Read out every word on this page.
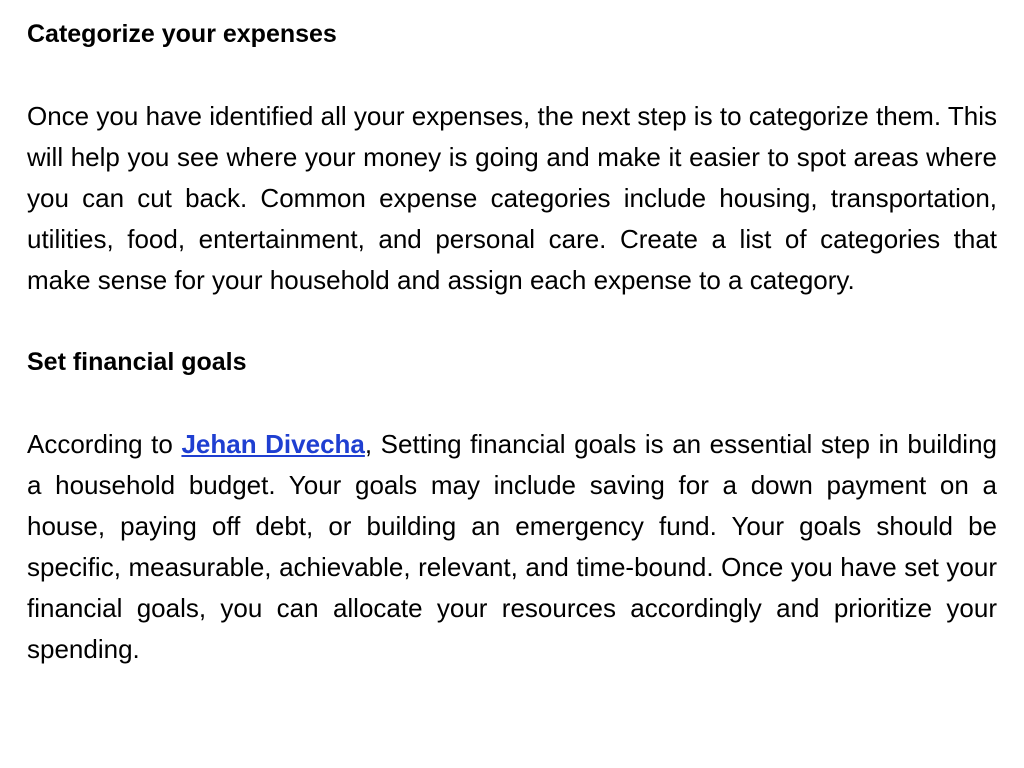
Categorize your expenses

Once you have identified all your expenses, the next step is to categorize them. This will help you see where your money is going and make it easier to spot areas where you can cut back. Common expense categories include housing, transportation, utilities, food, entertainment, and personal care. Create a list of categories that make sense for your household and assign each expense to a category.

Set financial goals

According to Jehan Divecha, Setting financial goals is an essential step in building a household budget. Your goals may include saving for a down payment on a house, paying off debt, or building an emergency fund. Your goals should be specific, measurable, achievable, relevant, and time-bound. Once you have set your financial goals, you can allocate your resources accordingly and prioritize your spending.
